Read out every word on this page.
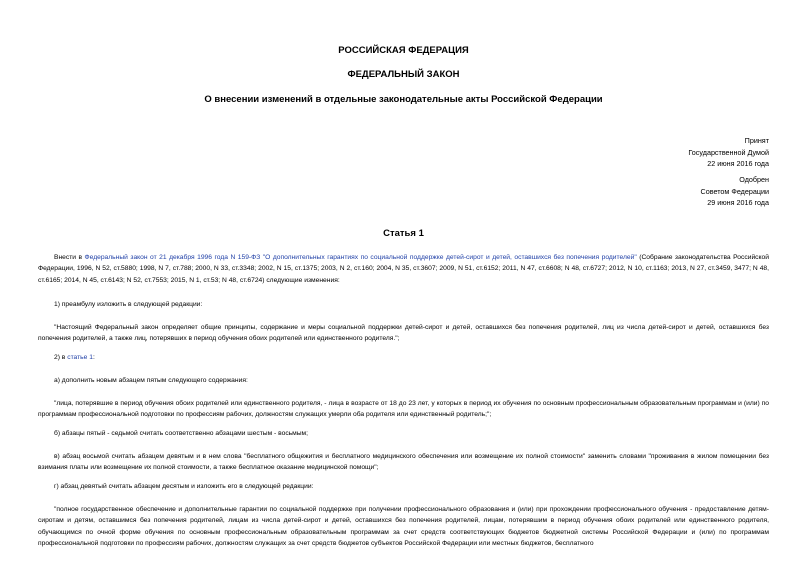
РОССИЙСКАЯ ФЕДЕРАЦИЯ
ФЕДЕРАЛЬНЫЙ ЗАКОН
О внесении изменений в отдельные законодательные акты Российской Федерации
Принят
Государственной Думой
22 июня 2016 года
Одобрен
Советом Федерации
29 июня 2016 года
Статья 1

Внести в Федеральный закон от 21 декабря 1996 года N 159-ФЗ "О дополнительных гарантиях по социальной поддержке детей-сирот и детей, оставшихся без попечения родителей" (Собрание законодательства Российской Федерации, 1996, N 52, ст.5880; 1998, N 7, ст.788; 2000, N 33, ст.3348; 2002, N 15, ст.1375; 2003, N 2, ст.160; 2004, N 35, ст.3607; 2009, N 51, ст.6152; 2011, N 47, ст.6608; N 48, ст.6727; 2012, N 10, ст.1163; 2013, N 27, ст.3459, 3477; N 48, ст.6165; 2014, N 45, ст.6143; N 52, ст.7553; 2015, N 1, ст.53; N 48, ст.6724) следующие изменения:

1) преамбулу изложить в следующей редакции:

"Настоящий Федеральный закон определяет общие принципы, содержание и меры социальной поддержки детей-сирот и детей, оставшихся без попечения родителей, лиц из числа детей-сирот и детей, оставшихся без попечения родителей, а также лиц, потерявших в период обучения обоих родителей или единственного родителя.";

2) в статье 1:

а) дополнить новым абзацем пятым следующего содержания:

"лица, потерявшие в период обучения обоих родителей или единственного родителя, - лица в возрасте от 18 до 23 лет, у которых в период их обучения по основным профессиональным образовательным программам и (или) по программам профессиональной подготовки по профессиям рабочих, должностям служащих умерли оба родителя или единственный родитель;";

б) абзацы пятый - седьмой считать соответственно абзацами шестым - восьмым;

в) абзац восьмой считать абзацем девятым и в нем слова "бесплатного общежития и бесплатного медицинского обеспечения или возмещение их полной стоимости" заменить словами "проживания в жилом помещении без взимания платы или возмещение их полной стоимости, а также бесплатное оказание медицинской помощи";

г) абзац девятый считать абзацем десятым и изложить его в следующей редакции:

"полное государственное обеспечение и дополнительные гарантии по социальной поддержке при получении профессионального образования и (или) при прохождении профессионального обучения - предоставление детям-сиротам и детям, оставшимся без попечения родителей, лицам из числа детей-сирот и детей, оставшихся без попечения родителей, лицам, потерявшим в период обучения обоих родителей или единственного родителя, обучающимся по очной форме обучения по основным профессиональным образовательным программам за счет средств соответствующих бюджетов бюджетной системы Российской Федерации и (или) по программам профессиональной подготовки по профессиям рабочих, должностям служащих за счет средств бюджетов субъектов Российской Федерации или местных бюджетов, бесплатного
